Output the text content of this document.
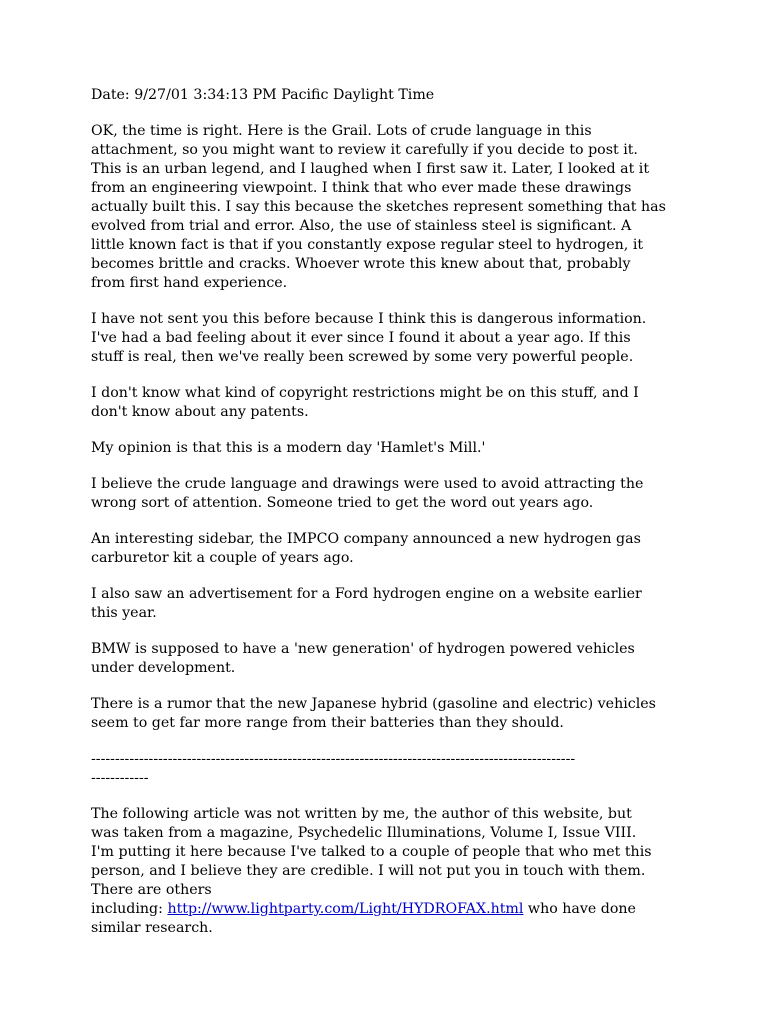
Date: 9/27/01 3:34:13 PM Pacific Daylight Time
OK, the time is right. Here is the Grail. Lots of crude language in this
attachment, so you might want to review it carefully if you decide to post it.
This is an urban legend, and I laughed when I first saw it. Later, I looked at it
from an engineering viewpoint. I think that who ever made these drawings
actually built this. I say this because the sketches represent something that has
evolved from trial and error. Also, the use of stainless steel is significant. A
little known fact is that if you constantly expose regular steel to hydrogen, it
becomes brittle and cracks. Whoever wrote this knew about that, probably
from first hand experience.
I have not sent you this before because I think this is dangerous information.
I've had a bad feeling about it ever since I found it about a year ago. If this
stuff is real, then we've really been screwed by some very powerful people.
I don't know what kind of copyright restrictions might be on this stuff, and I
don't know about any patents.
My opinion is that this is a modern day 'Hamlet's Mill.'
I believe the crude language and drawings were used to avoid attracting the
wrong sort of attention. Someone tried to get the word out years ago.
An interesting sidebar, the IMPCO company announced a new hydrogen gas
carburetor kit a couple of years ago.
I also saw an advertisement for a Ford hydrogen engine on a website earlier
this year.
BMW is supposed to have a 'new generation' of hydrogen powered vehicles
under development.
There is a rumor that the new Japanese hybrid (gasoline and electric) vehicles
seem to get far more range from their batteries than they should.
-----------------------------------------------------------------------------------------------------
------------
The following article was not written by me, the author of this website, but
was taken from a magazine, Psychedelic Illuminations, Volume I, Issue VIII.
I'm putting it here because I've talked to a couple of people that who met this
person, and I believe they are credible. I will not put you in touch with them.
There are others
including: http://www.lightparty.com/Light/HYDROFAX.html who have done
similar research.
